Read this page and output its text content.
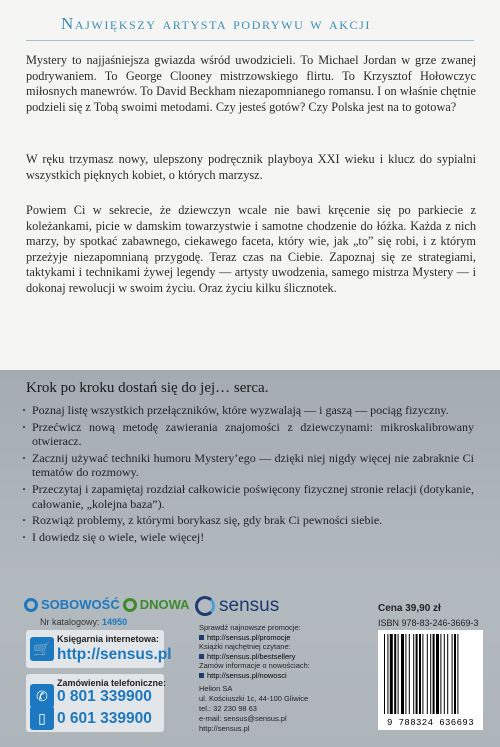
Największy artysta podrywu w akcji

Mystery to najjaśniejsza gwiazda wśród uwodzicieli. To Michael Jordan w grze zwanej podrywaniem. To George Clooney mistrzowskiego flirtu. To Krzysztof Hołowczyc miłosnych manewrów. To David Beckham niezapomnianego romansu. I on właśnie chętnie podzieli się z Tobą swoimi metodami. Czy jesteś gotów? Czy Polska jest na to gotowa?

W ręku trzymasz nowy, ulepszony podręcznik playboya XXI wieku i klucz do sypialni wszystkich pięknych kobiet, o których marzysz.

Powiem Ci w sekrecie, że dziewczyn wcale nie bawi kręcenie się po parkiecie z koleżankami, picie w damskim towarzystwie i samotne chodzenie do łóżka. Każda z nich marzy, by spotkać zabawnego, ciekawego faceta, który wie, jak „to” się robi, i z którym przeżyje niezapomnianą przygodę. Teraz czas na Ciebie. Zapoznaj się ze strategiami, taktykami i technikami żywej legendy — artysty uwodzenia, samego mistrza Mystery — i dokonaj rewolucji w swoim życiu. Oraz życiu kilku ślicznotek.

Krok po kroku dostań się do jej… serca.
· Poznaj listę wszystkich przełączników, które wyzwalają — i gaszą — pociąg fizyczny.
· Przećwicz nową metodę zawierania znajomości z dziewczynami: mikroskalibrowany otwieracz.
· Zacznij używać techniki humoru Mystery’ego — dzięki niej nigdy więcej nie zabraknie Ci tematów do rozmowy.
· Przeczytaj i zapamiętaj rozdział całkowicie poświęcony fizycznej stronie relacji (dotykanie, całowanie, „kolejna baza”).
· Rozwiąż problemy, z którymi borykasz się, gdy brak Ci pewności siebie.
· I dowiedz się o wiele, wiele więcej!
SOBOWOŚĆ DNOWA
Nr katalogowy: 14950
🛒
Księgarnia internetowa:
http://sensus.pl
✆
▯
Zamówienia telefoniczne:
0 801 339900
0 601 339900
sensus
Sprawdź najnowsze promocje:
http://sensus.pl/promocje
Książki najchętniej czytane:
http://sensus.pl/bestsellery
Zamów informacje o nowościach:
http://sensus.pl/nowosci
Helion SA
ul. Kościuszki 1c, 44-100 Gliwice
tel.: 32 230 98 63
e-mail: sensus@sensus.pl
http://sensus.pl
Cena 39,90 zł
ISBN 978-83-246-3669-3
9 788324 636693
